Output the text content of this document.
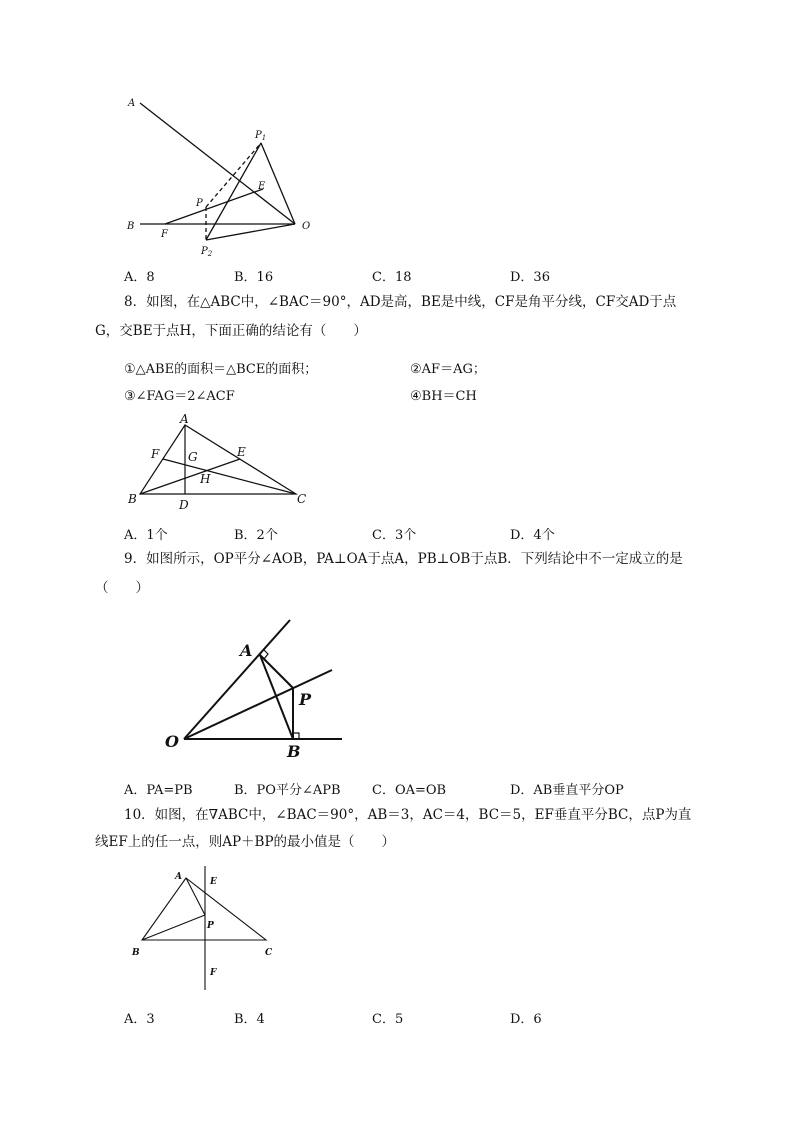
A
$P_1$
E
P
B
F
O
$P_2$
A．8	B．16	C．18	D．36
8．如图，在△ABC中，∠BAC＝90°，AD是高，BE是中线，CF是角平分线，CF交AD于点
G，交BE于点H，下面正确的结论有（　　）
①△ABE的面积＝△BCE的面积；	②AF＝AG；
③∠FAG＝2∠ACF	④BH＝CH
A
F G	E
H
B	D	C
A．1个	B．2个	C．3个	D．4个
9．如图所示，OP平分∠AOB，PA⊥OA于点A，PB⊥OB于点B．下列结论中不一定成立的是
（　　）
A
P
O
B
A．PA=PB	B．PO平分∠APB C．OA=OB	D．AB垂直平分OP
10．如图，在∇ABC中，∠BAC＝90°，AB＝3，AC＝4，BC＝5，EF垂直平分BC，点P为直
线EF上的任一点，则AP＋BP的最小值是（　　）
A	E
P
B	C
F
A．3	B．4	C．5	D．6
